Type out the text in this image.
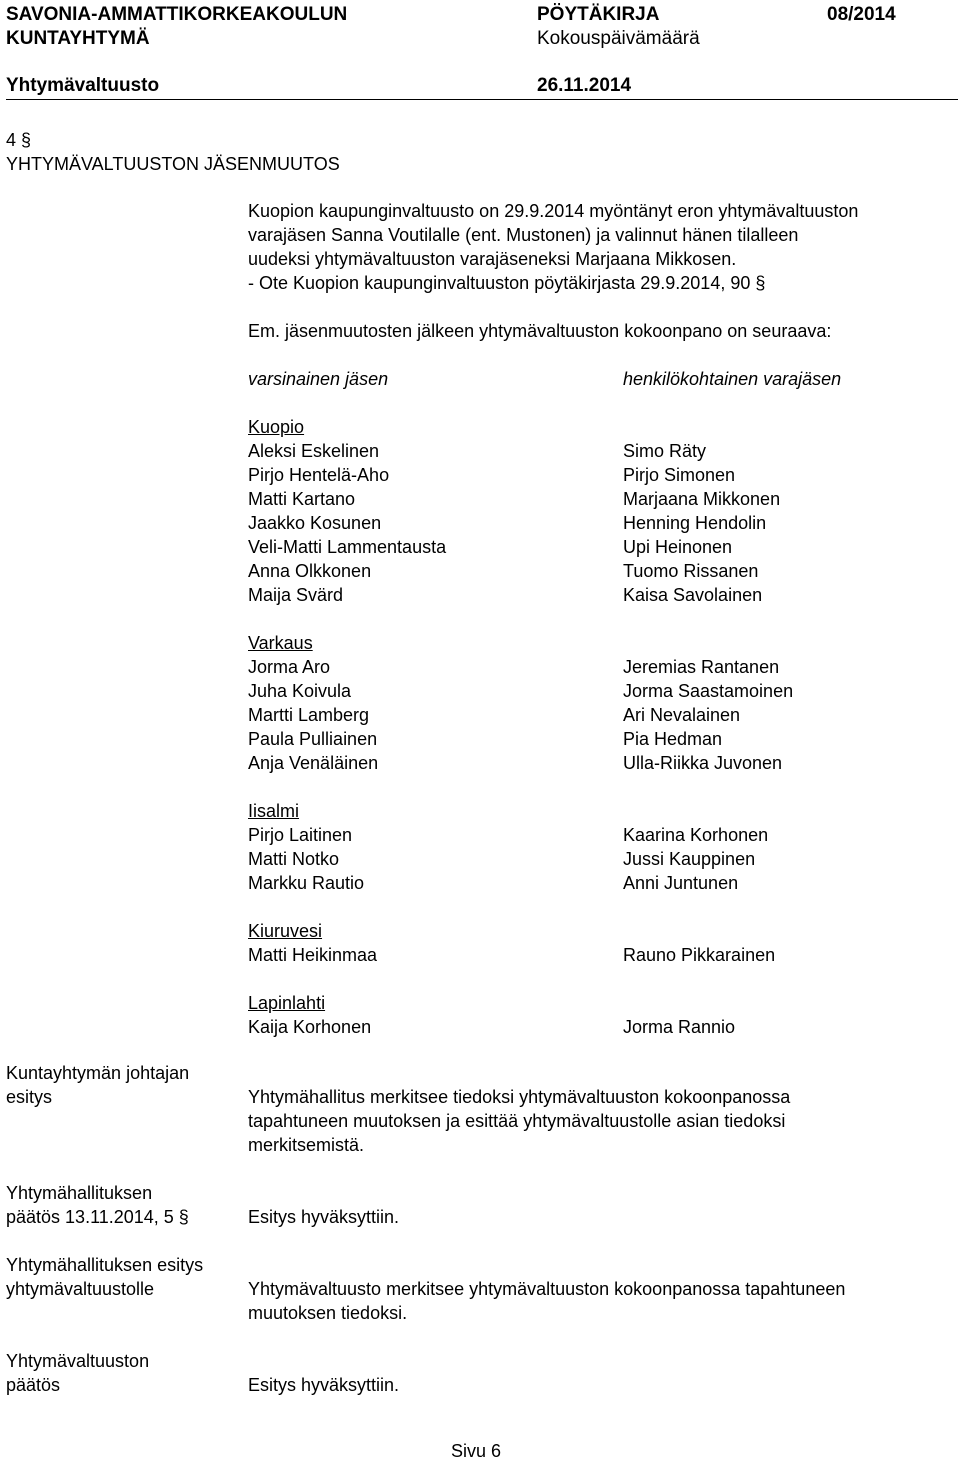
SAVONIA-AMMATTIKORKEAKOULUN
KUNTAYHTYMÄ
PÖYTÄKIRJA	08/2014
Kokouspäivämäärä
Yhtymävaltuusto	26.11.2014
4 §
YHTYMÄVALTUUSTON JÄSENMUUTOS
Kuopion kaupunginvaltuusto on 29.9.2014 myöntänyt eron yhtymävaltuuston
varajäsen Sanna Voutilalle (ent. Mustonen) ja valinnut hänen tilalleen
uudeksi yhtymävaltuuston varajäseneksi Marjaana Mikkosen.
- Ote Kuopion kaupunginvaltuuston pöytäkirjasta 29.9.2014, 90 §
Em. jäsenmuutosten jälkeen yhtymävaltuuston kokoonpano on seuraava:
varsinainen jäsen	henkilökohtainen varajäsen
Kuopio
Aleksi Eskelinen	Simo Räty
Pirjo Hentelä-Aho	Pirjo Simonen
Matti Kartano	Marjaana Mikkonen
Jaakko Kosunen	Henning Hendolin
Veli-Matti Lammentausta	Upi Heinonen
Anna Olkkonen	Tuomo Rissanen
Maija Svärd	Kaisa Savolainen
Varkaus
Jorma Aro	Jeremias Rantanen
Juha Koivula	Jorma Saastamoinen
Martti Lamberg	Ari Nevalainen
Paula Pulliainen	Pia Hedman
Anja Venäläinen	Ulla-Riikka Juvonen
Iisalmi
Pirjo Laitinen	Kaarina Korhonen
Matti Notko	Jussi Kauppinen
Markku Rautio	Anni Juntunen
Kiuruvesi
Matti Heikinmaa	Rauno Pikkarainen
Lapinlahti
Kaija Korhonen	Jorma Rannio
Kuntayhtymän johtajan
esitys	Yhtymähallitus merkitsee tiedoksi yhtymävaltuuston kokoonpanossa
tapahtuneen muutoksen ja esittää yhtymävaltuustolle asian tiedoksi
merkitsemistä.
Yhtymähallituksen
päätös 13.11.2014, 5 §	Esitys hyväksyttiin.
Yhtymähallituksen esitys
yhtymävaltuustolle	Yhtymävaltuusto merkitsee yhtymävaltuuston kokoonpanossa tapahtuneen
muutoksen tiedoksi.
Yhtymävaltuuston
päätös	Esitys hyväksyttiin.
Sivu 6
